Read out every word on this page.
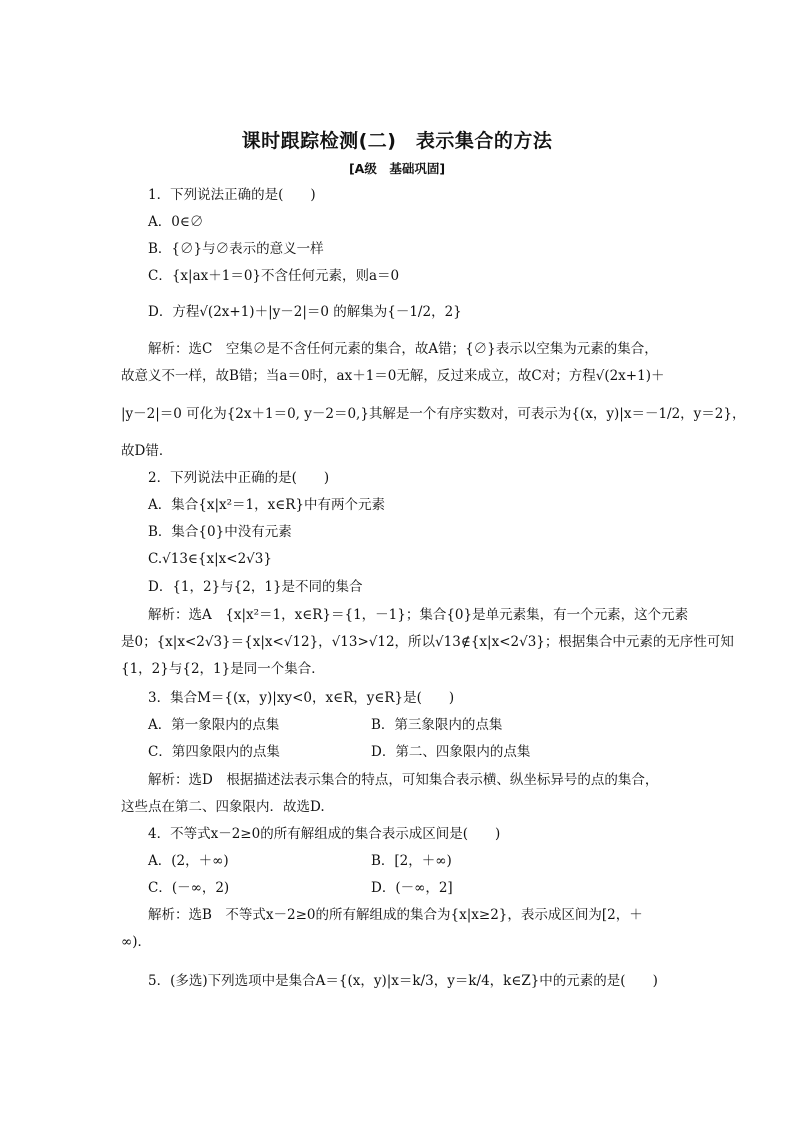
课时跟踪检测(二)　表示集合的方法
[A级　基础巩固]
1．下列说法正确的是(　　)
A．0∈∅
B．{∅}与∅表示的意义一样
C．{x|ax＋1＝0}不含任何元素，则a＝0
D．方程√(2x+1)＋|y－2|＝0 的解集为{－1/2，2}
解析：选C　空集∅是不含任何元素的集合，故A错；{∅}表示以空集为元素的集合，
故意义不一样，故B错；当a＝0时，ax＋1＝0无解，反过来成立，故C对；方程√(2x+1)＋
|y－2|＝0 可化为{2x＋1＝0, y－2＝0,}其解是一个有序实数对，可表示为{(x，y)|x＝－1/2，y＝2}，
故D错．
2．下列说法中正确的是(　　)
A．集合{x|x²＝1，x∈R}中有两个元素
B．集合{0}中没有元素
C.√13∈{x|x<2√3}
D．{1，2}与{2，1}是不同的集合
解析：选A　{x|x²＝1，x∈R}＝{1，－1}；集合{0}是单元素集，有一个元素，这个元素
是0；{x|x<2√3}＝{x|x<√12}，√13>√12，所以√13∉{x|x<2√3}；根据集合中元素的无序性可知
{1，2}与{2，1}是同一个集合．
3．集合M＝{(x，y)|xy<0，x∈R，y∈R}是(　　)
A．第一象限内的点集	B．第三象限内的点集
C．第四象限内的点集	D．第二、四象限内的点集
解析：选D　根据描述法表示集合的特点，可知集合表示横、纵坐标异号的点的集合，
这些点在第二、四象限内．故选D.
4．不等式x－2≥0的所有解组成的集合表示成区间是(　　)
A．(2，＋∞)	B．[2，＋∞)
C．(－∞，2)	D．(－∞，2]
解析：选B　不等式x－2≥0的所有解组成的集合为{x|x≥2}，表示成区间为[2，＋
∞)．
5．(多选)下列选项中是集合A＝{(x，y)|x＝k/3，y＝k/4，k∈Z}中的元素的是(　　)
